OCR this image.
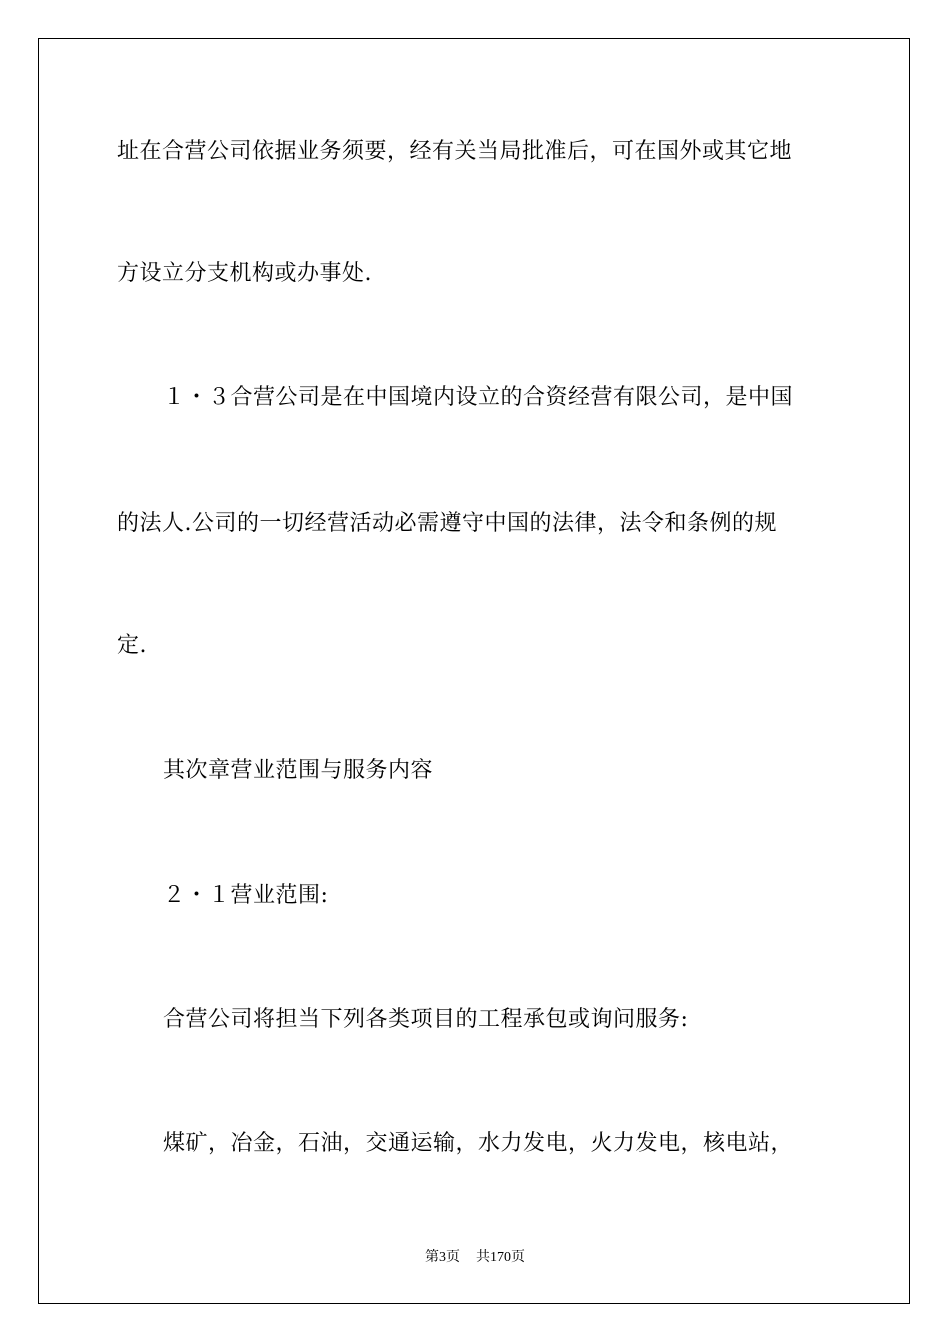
址在合营公司依据业务须要，经有关当局批准后，可在国外或其它地
方设立分支机构或办事处.
１・３合营公司是在中国境内设立的合资经营有限公司，是中国
的法人.公司的一切经营活动必需遵守中国的法律，法令和条例的规
定.
其次章营业范围与服务内容
２・１营业范围:
合营公司将担当下列各类项目的工程承包或询问服务:
煤矿，冶金，石油，交通运输，水力发电，火力发电，核电站，
第3页 共170页
